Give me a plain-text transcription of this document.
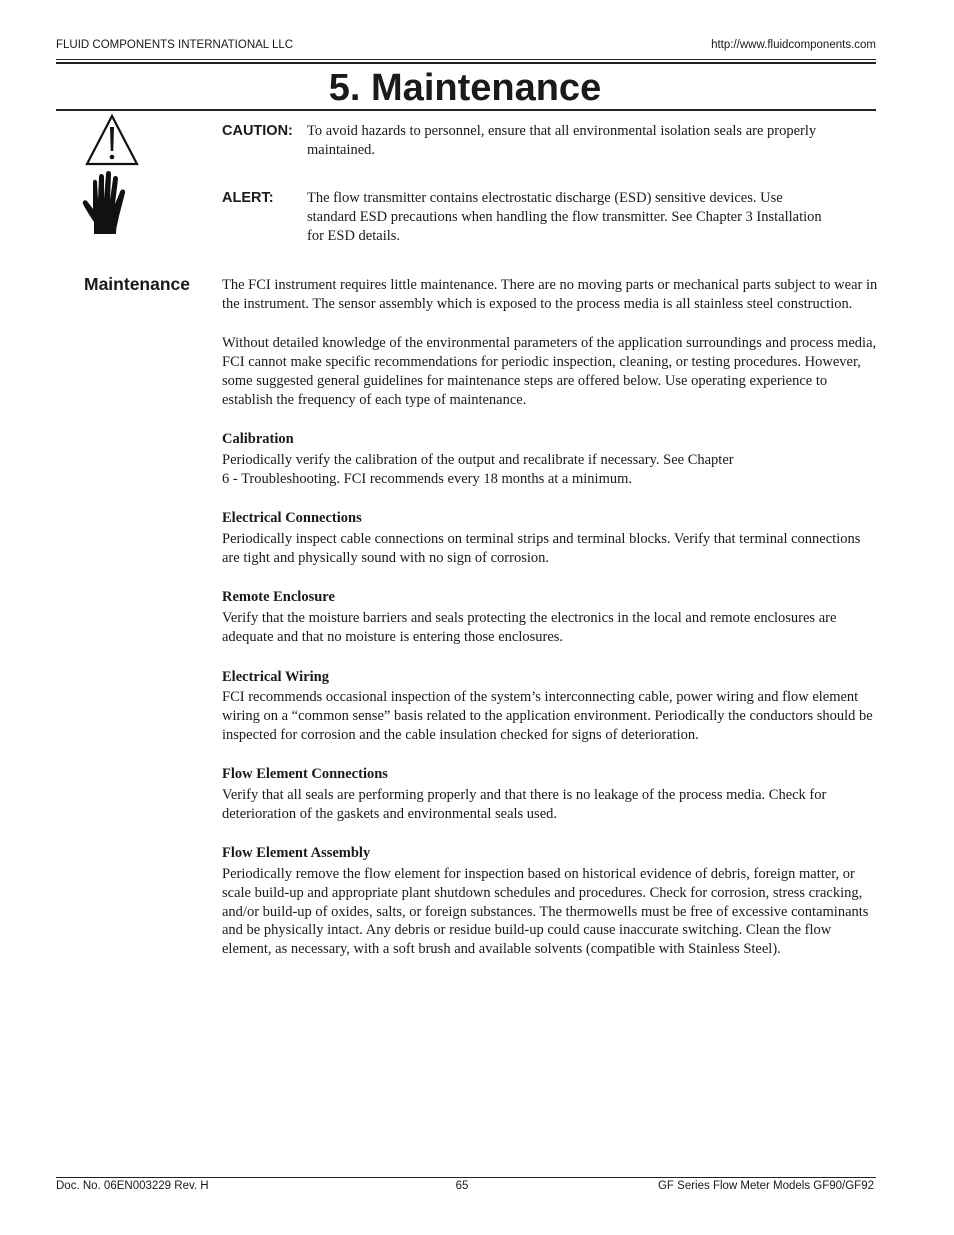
FLUID COMPONENTS INTERNATIONAL LLC	http://www.fluidcomponents.com
5. Maintenance
CAUTION: To avoid hazards to personnel, ensure that all environmental isolation seals are properly
maintained.
ALERT: The flow transmitter contains electrostatic discharge (ESD) sensitive devices. Use
standard ESD precautions when handling the flow transmitter. See Chapter 3 Installation
for ESD details.
Maintenance The FCI instrument requires little maintenance. There are no moving parts or mechanical parts subject to wear in the instrument. The sensor assembly which is exposed to the process media is all stainless steel construction.

Without detailed knowledge of the environmental parameters of the application surroundings and process media, FCI cannot make specific recommendations for periodic inspection, cleaning, or testing procedures. However, some suggested general guidelines for maintenance steps are offered below. Use operating experience to establish the frequency of each type of maintenance.

Calibration

Periodically verify the calibration of the output and recalibrate if necessary. See Chapter
6 - Troubleshooting. FCI recommends every 18 months at a minimum.

Electrical Connections

Periodically inspect cable connections on terminal strips and terminal blocks. Verify that terminal connections are tight and physically sound with no sign of corrosion.

Remote Enclosure

Verify that the moisture barriers and seals protecting the electronics in the local and remote enclosures are adequate and that no moisture is entering those enclosures.

Electrical Wiring

FCI recommends occasional inspection of the system’s interconnecting cable, power wiring and flow element wiring on a “common sense” basis related to the application environment. Periodically the conductors should be inspected for corrosion and the cable insulation checked for signs of deterioration.

Flow Element Connections

Verify that all seals are performing properly and that there is no leakage of the process media. Check for deterioration of the gaskets and environmental seals used.

Flow Element Assembly

Periodically remove the flow element for inspection based on historical evidence of debris, foreign matter, or scale build-up and appropriate plant shutdown schedules and procedures. Check for corrosion, stress cracking, and/or build-up of oxides, salts, or foreign substances. The thermowells must be free of excessive contaminants and be physically intact. Any debris or residue build-up could cause inaccurate switching. Clean the flow element, as necessary, with a soft brush and available solvents (compatible with Stainless Steel).

Doc. No. 06EN003229 Rev. H	65	GF Series Flow Meter Models GF90/GF92
